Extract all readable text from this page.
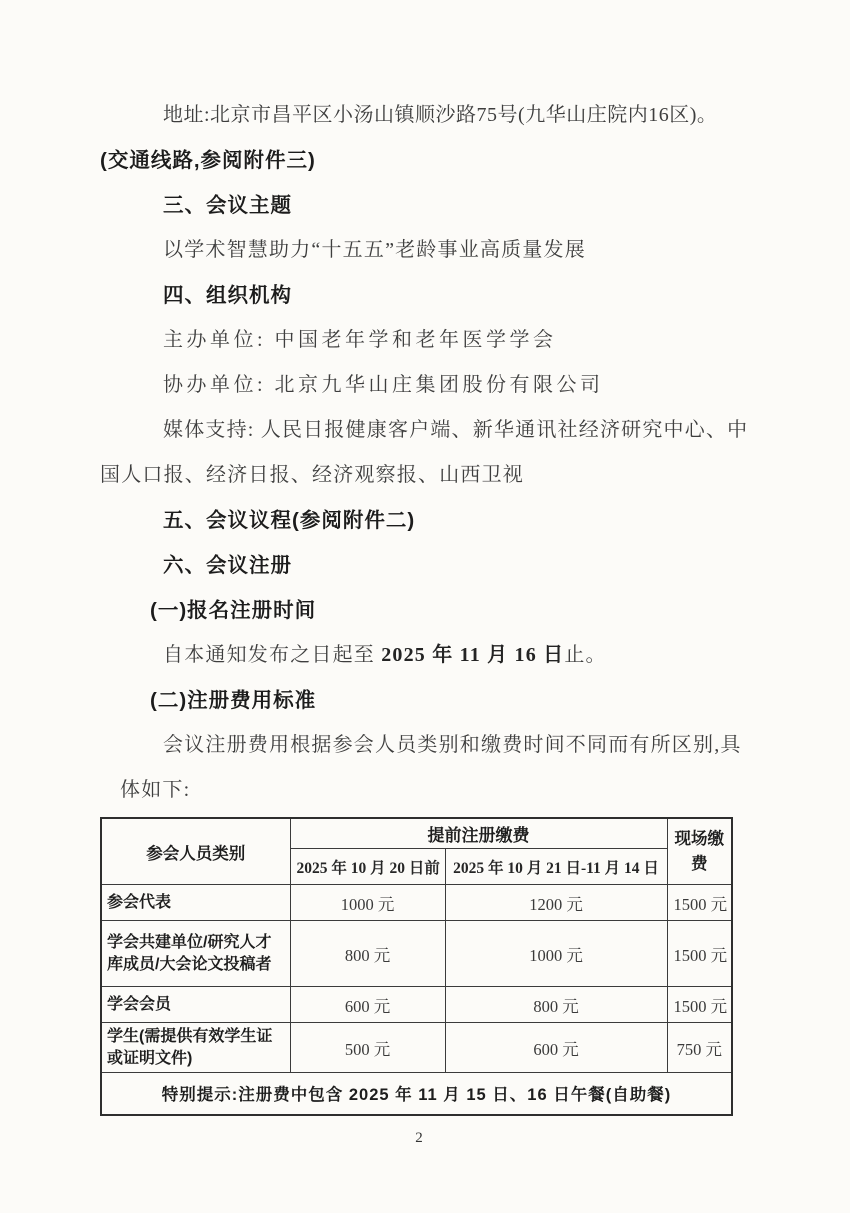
地址:北京市昌平区小汤山镇顺沙路75号(九华山庄院内16区)。
(交通线路,参阅附件三)
三、会议主题
以学术智慧助力“十五五”老龄事业高质量发展
四、组织机构
主办单位: 中国老年学和老年医学学会
协办单位: 北京九华山庄集团股份有限公司
媒体支持: 人民日报健康客户端、新华通讯社经济研究中心、中
国人口报、经济日报、经济观察报、山西卫视
五、会议议程(参阅附件二)
六、会议注册
(一)报名注册时间
自本通知发布之日起至 2025 年 11 月 16 日止。
(二)注册费用标准
会议注册费用根据参会人员类别和缴费时间不同而有所区别,具
体如下:
参会人员类别	提前注册缴费		现场缴费
	2025 年 10 月 20 日前	2025 年 10 月 21 日-11 月 14 日	
参会代表	1000 元	1200 元	1500 元
学会共建单位/研究人才库成员/大会论文投稿者	800 元	1000 元	1500 元
学会会员	600 元	800 元	1500 元
学生(需提供有效学生证或证明文件)	500 元	600 元	750 元
特别提示:注册费中包含 2025 年 11 月 15 日、16 日午餐(自助餐)			
2
